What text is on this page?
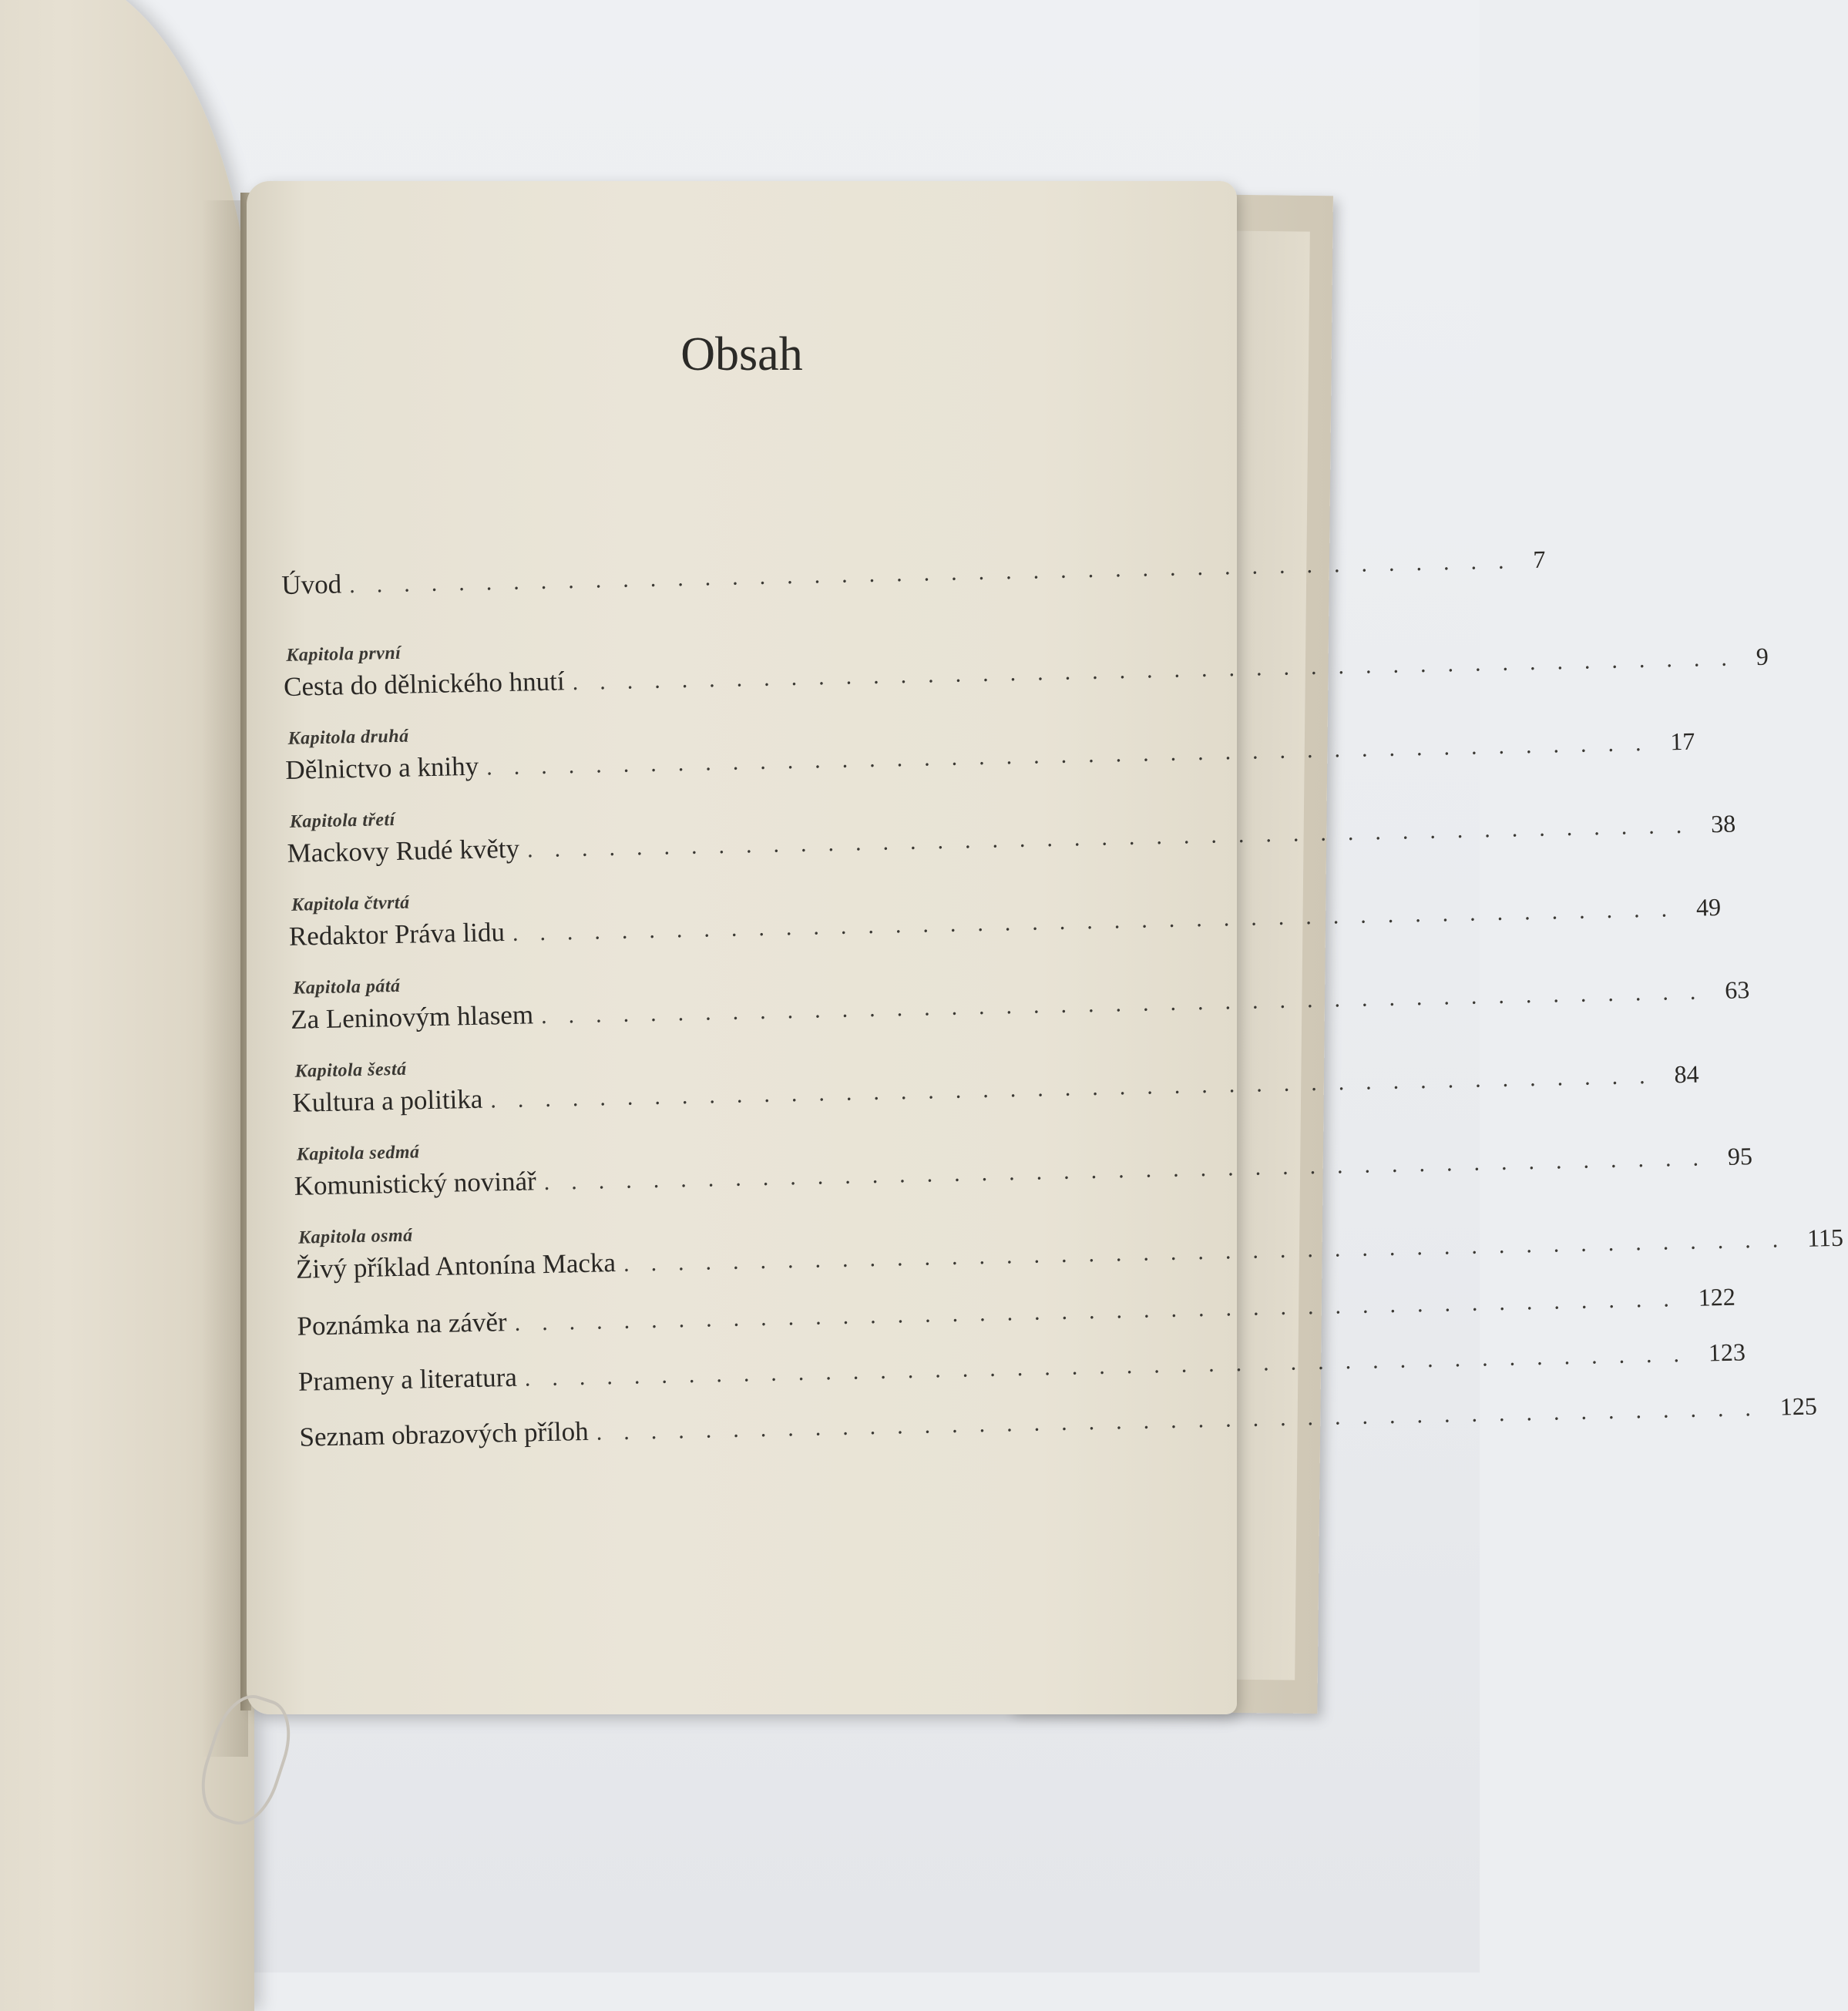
Obsah
Úvod ........................................... 7
Kapitola první
Cesta do dělnického hnutí ........................................... 9
Kapitola druhá
Dělnictvo a knihy ........................................... 17
Kapitola třetí
Mackovy Rudé květy ........................................... 38
Kapitola čtvrtá
Redaktor Práva lidu ........................................... 49
Kapitola pátá
Za Leninovým hlasem ........................................... 63
Kapitola šestá
Kultura a politika ........................................... 84
Kapitola sedmá
Komunistický novinář ........................................... 95
Kapitola osmá
Živý příklad Antonína Macka ........................................... 115
Poznámka na závěr ........................................... 122
Prameny a literatura ........................................... 123
Seznam obrazových příloh ........................................... 125
